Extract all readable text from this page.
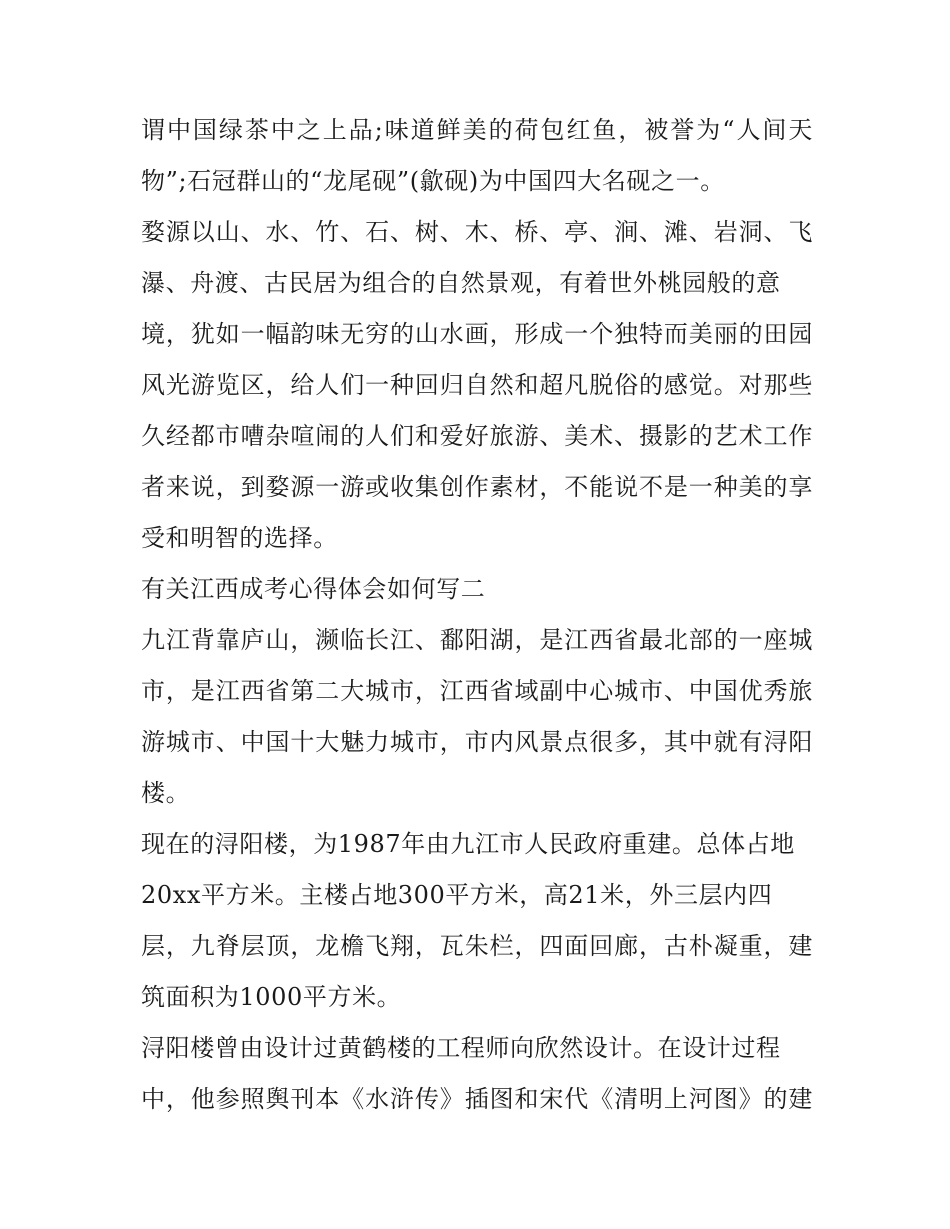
谓中国绿茶中之上品;味道鲜美的荷包红鱼，被誉为“人间天
物”;石冠群山的“龙尾砚”(歙砚)为中国四大名砚之一。
婺源以山、水、竹、石、树、木、桥、亭、涧、滩、岩洞、飞
瀑、舟渡、古民居为组合的自然景观，有着世外桃园般的意
境，犹如一幅韵味无穷的山水画，形成一个独特而美丽的田园
风光游览区，给人们一种回归自然和超凡脱俗的感觉。对那些
久经都市嘈杂喧闹的人们和爱好旅游、美术、摄影的艺术工作
者来说，到婺源一游或收集创作素材，不能说不是一种美的享
受和明智的选择。
有关江西成考心得体会如何写二
九江背靠庐山，濒临长江、鄱阳湖，是江西省最北部的一座城
市，是江西省第二大城市，江西省域副中心城市、中国优秀旅
游城市、中国十大魅力城市，市内风景点很多，其中就有浔阳
楼。
现在的浔阳楼，为1987年由九江市人民政府重建。总体占地
20xx平方米。主楼占地300平方米，高21米，外三层内四
层，九脊层顶，龙檐飞翔，瓦朱栏，四面回廊，古朴凝重，建
筑面积为1000平方米。
浔阳楼曾由设计过黄鹤楼的工程师向欣然设计。在设计过程
中，他参照舆刊本《水浒传》插图和宋代《清明上河图》的建
